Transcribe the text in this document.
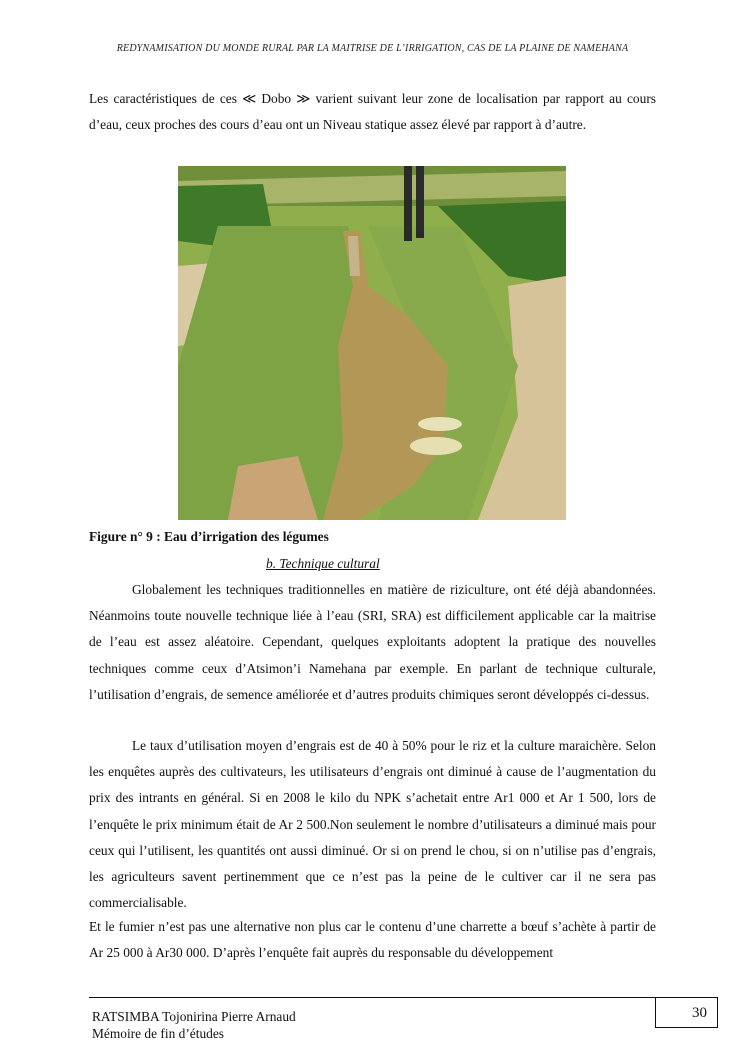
REDYNAMISATION DU MONDE RURAL PAR LA MAITRISE DE L’IRRIGATION, CAS DE LA PLAINE DE NAMEHANA

Les caractéristiques de ces ≪ Dobo ≫ varient suivant leur zone de localisation par rapport au cours d’eau, ceux proches des cours d’eau ont un Niveau statique assez élevé par rapport à d’autre.

Figure n° 9 : Eau d’irrigation des légumes
b. Technique cultural

Globalement les techniques traditionnelles en matière de riziculture, ont été déjà abandonnées. Néanmoins toute nouvelle technique liée à l’eau (SRI, SRA) est difficilement applicable car la maitrise de l’eau est assez aléatoire. Cependant, quelques exploitants adoptent la pratique des nouvelles techniques comme ceux d’Atsimon’i Namehana par exemple. En parlant de technique culturale, l’utilisation d’engrais, de semence améliorée et d’autres produits chimiques seront développés ci-dessus.

Le taux d’utilisation moyen d’engrais est de 40 à 50% pour le riz et la culture maraichère. Selon les enquêtes auprès des cultivateurs, les utilisateurs d’engrais ont diminué à cause de l’augmentation du prix des intrants en général. Si en 2008 le kilo du NPK s’achetait entre Ar1 000 et Ar 1 500, lors de l’enquête le prix minimum était de Ar 2 500.Non seulement le nombre d’utilisateurs a diminué mais pour ceux qui l’utilisent, les quantités ont aussi diminué. Or si on prend le chou, si on n’utilise pas d’engrais, les agriculteurs savent pertinemment que ce n’est pas la peine de le cultiver car il ne sera pas commercialisable.

Et le fumier n’est pas une alternative non plus car le contenu d’une charrette a bœuf s’achète à partir de Ar 25 000 à Ar30 000. D’après l’enquête fait auprès du responsable du développement

RATSIMBA Tojonirina Pierre Arnaud
Mémoire de fin d’études
30
